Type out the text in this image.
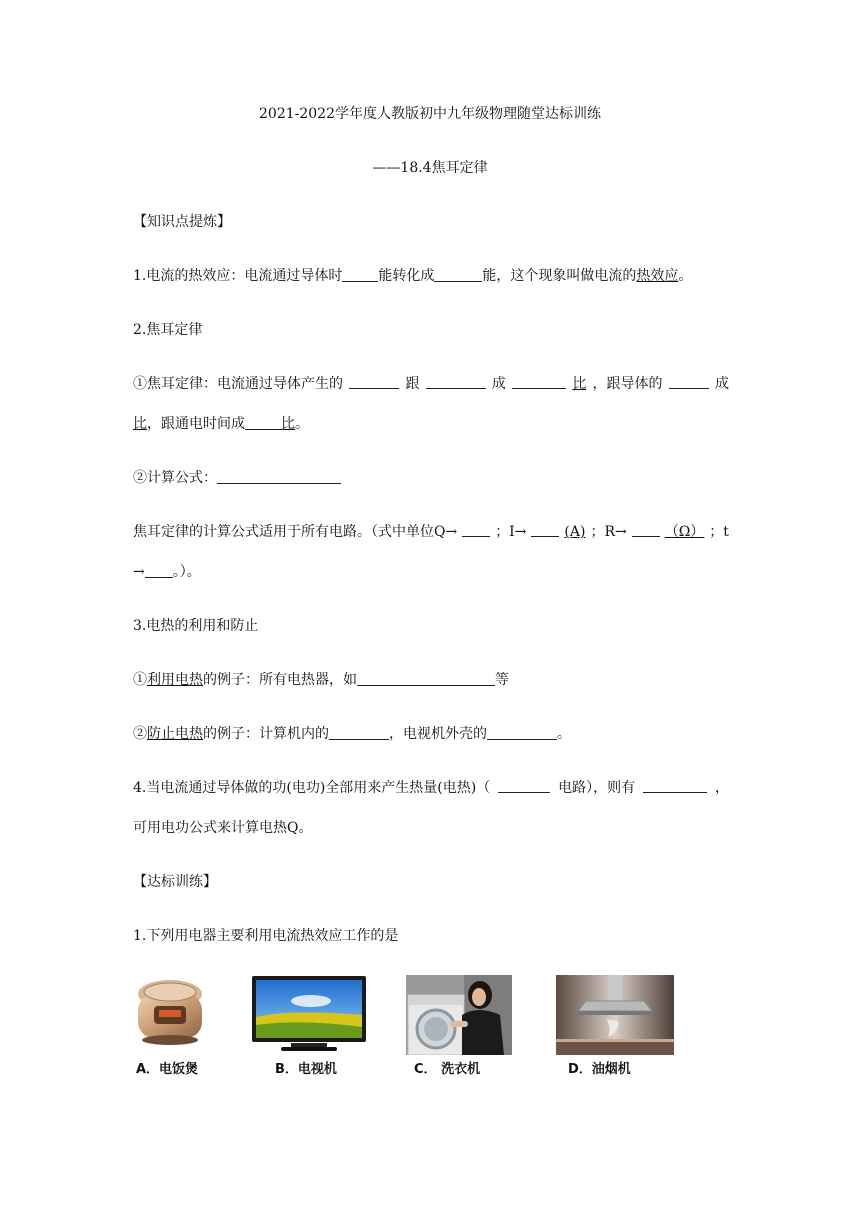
2021-2022学年度人教版初中九年级物理随堂达标训练
——18.4焦耳定律
【知识点提炼】
1.电流的热效应：电流通过导体时	能转化成	能，这个现象叫做电流的热效应。
2.焦耳定律
①焦耳定律：电流通过导体产生的	跟	成	比 ，跟导体的	成
比，跟通电时间成	比。
②计算公式：
焦耳定律的计算公式适用于所有电路。（式中单位Q→	；I→	(A) ；R→	（Ω） ；t
→ 。）。
3.电热的利用和防止
①利用电热的例子：所有电热器，如	等
②防止电热的例子：计算机内的	，电视机外壳的	。
4.当电流通过导体做的功(电功)全部用来产生热量(电热)（	电路），则有	，
可用电功公式来计算电热Q。
【达标训练】
1.下列用电器主要利用电流热效应工作的是
A．电饭煲	B．电视机	C． 洗衣机	D．油烟机
